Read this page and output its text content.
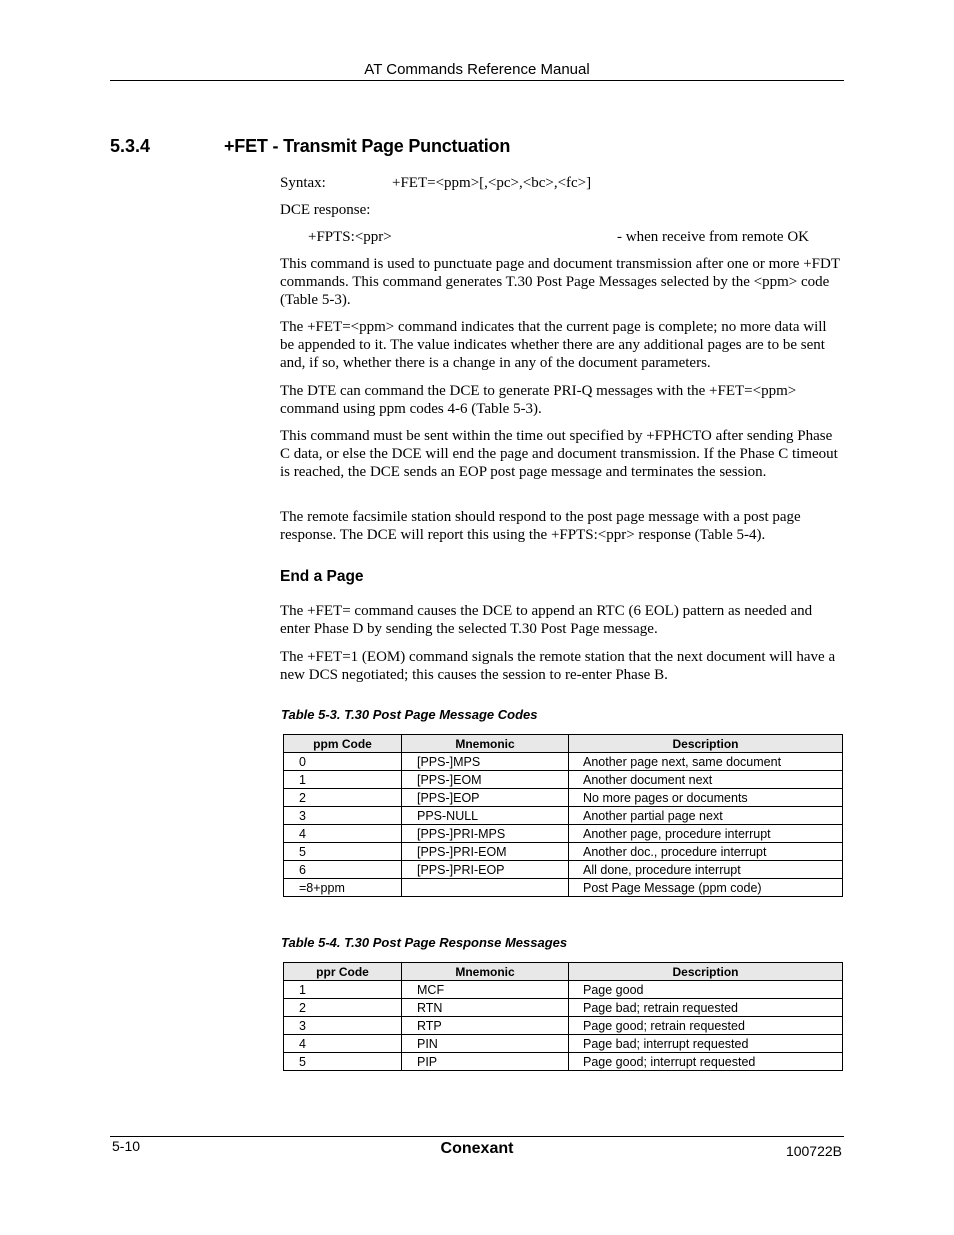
AT Commands Reference Manual
5.3.4	+FET - Transmit Page Punctuation
Syntax:	+FET=<ppm>[,<pc>,<bc>,<fc>]
DCE response:
+FPTS:<ppr>	- when receive from remote OK
This command is used to punctuate page and document transmission after one or more +FDT commands. This command generates T.30 Post Page Messages selected by the <ppm> code (Table 5-3).
The +FET=<ppm> command indicates that the current page is complete; no more data will be appended to it. The value indicates whether there are any additional pages are to be sent and, if so, whether there is a change in any of the document parameters.
The DTE can command the DCE to generate PRI-Q messages with the +FET=<ppm> command using ppm codes 4-6 (Table 5-3).
This command must be sent within the time out specified by +FPHCTO after sending Phase C data, or else the DCE will end the page and document transmission. If the Phase C timeout is reached, the DCE sends an EOP post page message and terminates the session.
The remote facsimile station should respond to the post page message with a post page response. The DCE will report this using the +FPTS:<ppr> response (Table 5-4).
End a Page
The +FET= command causes the DCE to append an RTC (6 EOL) pattern as needed and enter Phase D by sending the selected T.30 Post Page message.
The +FET=1 (EOM) command signals the remote station that the next document will have a new DCS negotiated; this causes the session to re-enter Phase B.
Table 5-3. T.30 Post Page Message Codes
ppm Code	Mnemonic	Description
0	[PPS-]MPS	Another page next, same document
1	[PPS-]EOM	Another document next
2	[PPS-]EOP	No more pages or documents
3	PPS-NULL	Another partial page next
4	[PPS-]PRI-MPS	Another page, procedure interrupt
5	[PPS-]PRI-EOM	Another doc., procedure interrupt
6	[PPS-]PRI-EOP	All done, procedure interrupt
=8+ppm		Post Page Message (ppm code)
Table 5-4. T.30 Post Page Response Messages
ppr Code	Mnemonic	Description
1	MCF	Page good
2	RTN	Page bad; retrain requested
3	RTP	Page good; retrain requested
4	PIN	Page bad; interrupt requested
5	PIP	Page good; interrupt requested
5-10	Conexant	100722B
